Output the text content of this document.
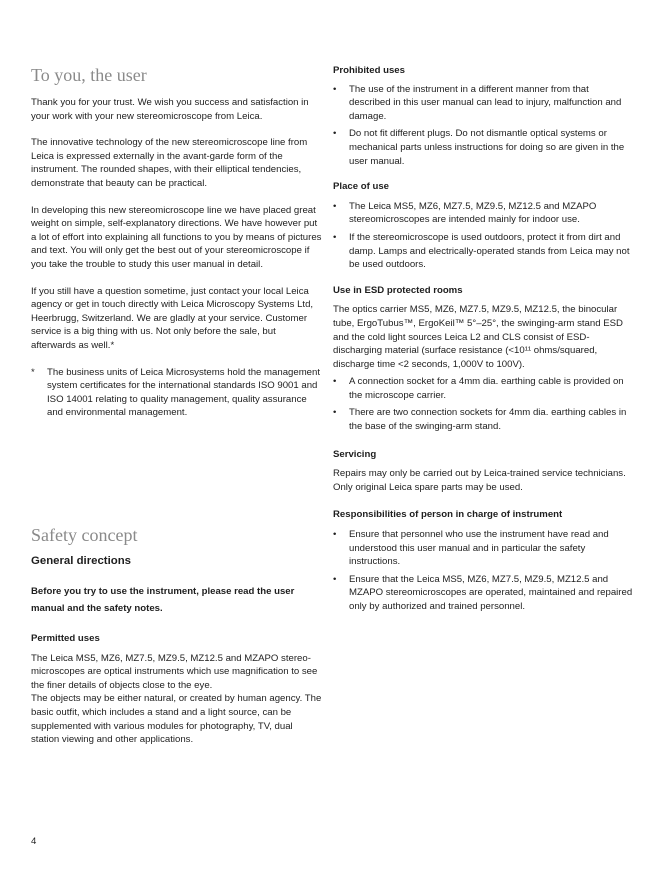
To you, the user

Thank you for your trust. We wish you success and satisfaction in your work with your new stereomicroscope from Leica.

The innovative technology of the new stereomicroscope line from Leica is expressed externally in the avant-garde form of the instrument. The rounded shapes, with their elliptical tendencies, demonstrate that beauty can be practical.

In developing this new stereomicroscope line we have placed great weight on simple, self-explanatory directions. We have however put a lot of effort into explaining all functions to you by means of pictures and text. You will only get the best out of your stereomicroscope if you take the trouble to study this user manual in detail.

If you still have a question sometime, just contact your local Leica agency or get in touch directly with Leica Microscopy Systems Ltd, Heerbrugg, Switzerland. We are gladly at your service. Customer service is a big thing with us. Not only before the sale, but afterwards as well.*

* The business units of Leica Microsystems hold the management system certificates for the international standards ISO 9001 and ISO 14001 relating to quality management, quality assurance and environmental management.
Safety concept
General directions

Before you try to use the instrument, please read the user manual and the safety notes.

Permitted uses

The Leica MS5, MZ6, MZ7.5, MZ9.5, MZ12.5 and MZAPO stereo-microscopes are optical instruments which use magnification to see the finer details of objects close to the eye.

The objects may be either natural, or created by human agency. The basic outfit, which includes a stand and a light source, can be supplemented with various modules for photography, TV, dual station viewing and other applications.

Prohibited uses

• The use of the instrument in a different manner from that described in this user manual can lead to injury, malfunction and damage.
• Do not fit different plugs. Do not dismantle optical systems or mechanical parts unless instructions for doing so are given in the user manual.

Place of use

• The Leica MS5, MZ6, MZ7.5, MZ9.5, MZ12.5 and MZAPO stereomicroscopes are intended mainly for indoor use.
• If the stereomicroscope is used outdoors, protect it from dirt and damp. Lamps and electrically-operated stands from Leica may not be used outdoors.

Use in ESD protected rooms

The optics carrier MS5, MZ6, MZ7.5, MZ9.5, MZ12.5, the binocular tube, ErgoTubus™, ErgoKeil™ 5°–25°, the swinging-arm stand ESD and the cold light sources Leica L2 and CLS consist of ESD-discharging material (surface resistance (<10¹¹ ohms/squared, discharge time <2 seconds, 1,000V to 100V).

• A connection socket for a 4mm dia. earthing cable is provided on the microscope carrier.
• There are two connection sockets for 4mm dia. earthing cables in the base of the swinging-arm stand.

Servicing

Repairs may only be carried out by Leica-trained service technicians. Only original Leica spare parts may be used.

Responsibilities of person in charge of instrument

• Ensure that personnel who use the instrument have read and understood this user manual and in particular the safety instructions.
• Ensure that the Leica MS5, MZ6, MZ7.5, MZ9.5, MZ12.5 and MZAPO stereomicroscopes are operated, maintained and repaired only by authorized and trained personnel.
4
